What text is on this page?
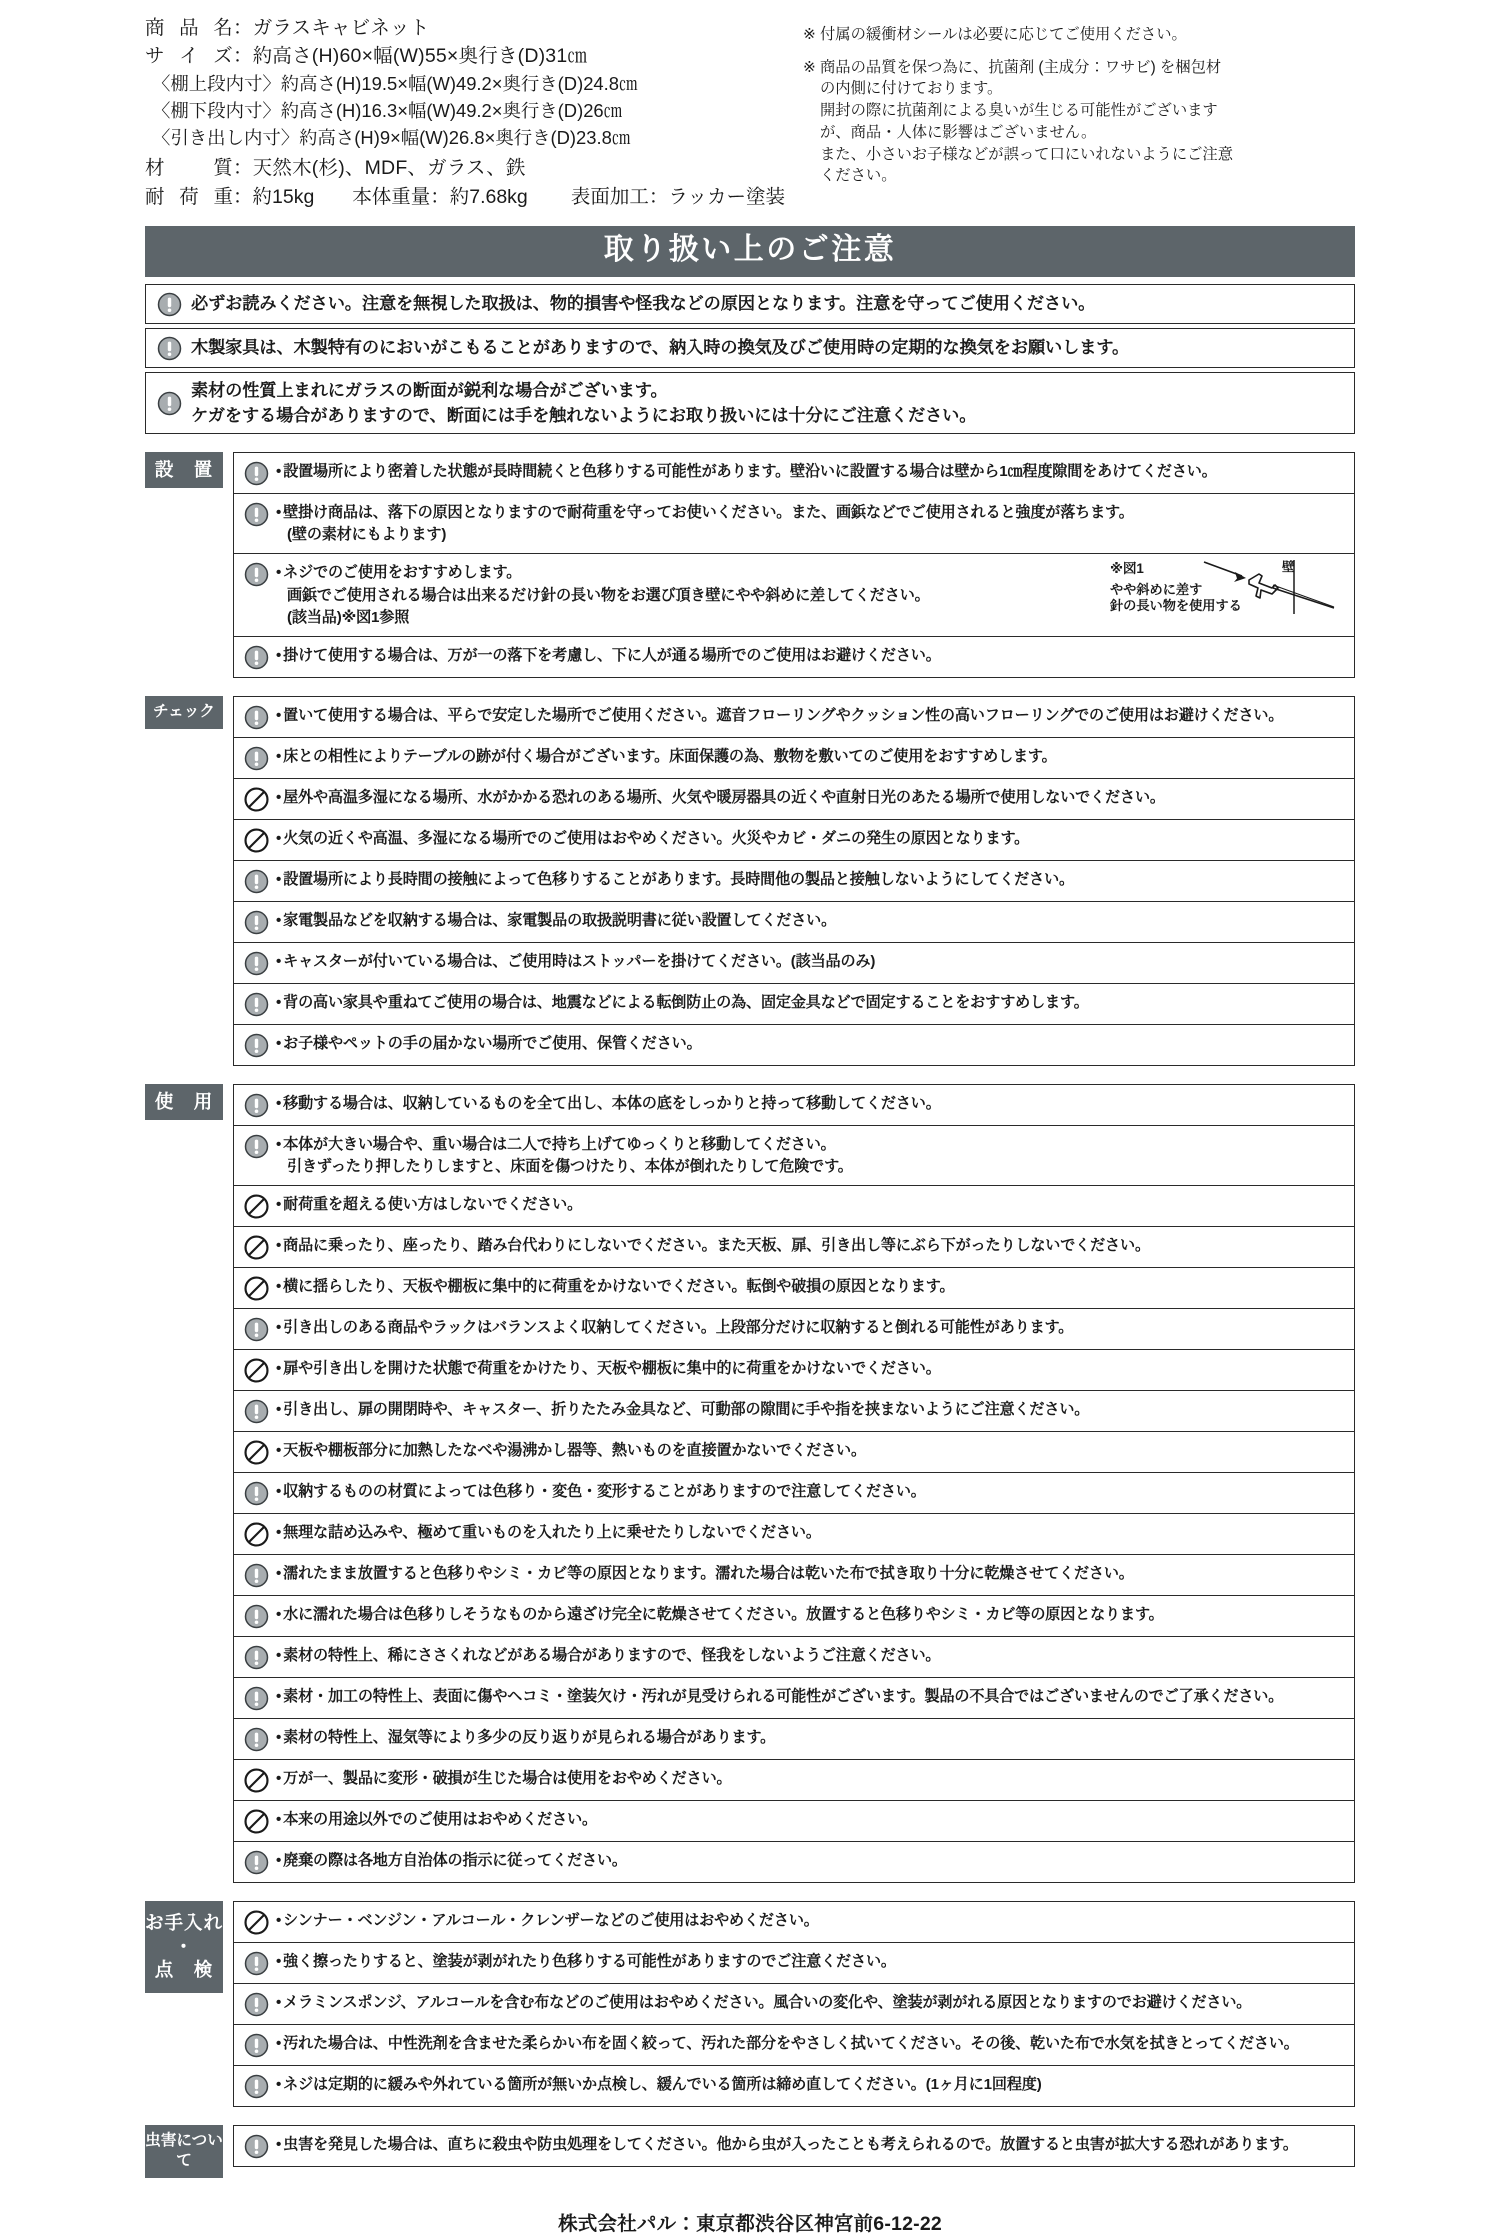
商 品 名 ： ガラスキャビネット
サ イ ズ ： 約高さ(H)60×幅(W)55×奥行き(D)31㎝
〈棚上段内寸〉約高さ(H)19.5×幅(W)49.2×奥行き(D)24.8㎝
〈棚下段内寸〉約高さ(H)16.3×幅(W)49.2×奥行き(D)26㎝
〈引き出し内寸〉約高さ(H)9×幅(W)26.8×奥行き(D)23.8㎝
材 質 ： 天然木(杉)、MDF、ガラス、鉄
耐 荷 重 ： 約15kg 本体重量 ： 約7.68kg 表面加工 ： ラッカー塗装
※ 付属の緩衝材シールは必要に応じてご使用ください。
※ 商品の品質を保つ為に、抗菌剤 (主成分：ワサビ) を梱包材
の内側に付けております。
開封の際に抗菌剤による臭いが生じる可能性がございます
が、商品・人体に影響はございません。
また、小さいお子様などが誤って口にいれないようにご注意
ください。
取り扱い上のご注意
必ずお読みください。注意を無視した取扱は、物的損害や怪我などの原因となります。注意を守ってご使用ください。
木製家具は、木製特有のにおいがこもることがありますので、納入時の換気及びご使用時の定期的な換気をお願いします。
素材の性質上まれにガラスの断面が鋭利な場合がございます。
ケガをする場合がありますので、断面には手を触れないようにお取り扱いには十分にご注意ください。
設　置	• 設置場所により密着した状態が長時間続くと色移りする可能性があります。壁沿いに設置する場合は壁から1㎝程度隙間をあけてください。
• 壁掛け商品は、落下の原因となりますので耐荷重を守ってお使いください。また、画鋲などでご使用されると強度が落ちます。
(壁の素材にもよります)
• ネジでのご使用をおすすめします。
画鋲でご使用される場合は出来るだけ針の長い物をお選び頂き壁にやや斜めに差してください。
(該当品)※図1参照
※図1
やや斜めに差す
針の長い物を使用する
壁
• 掛けて使用する場合は、万が一の落下を考慮し、下に人が通る場所でのご使用はお避けください。
チェック	• 置いて使用する場合は、平らで安定した場所でご使用ください。遮音フローリングやクッション性の高いフローリングでのご使用はお避けください。
• 床との相性によりテーブルの跡が付く場合がございます。床面保護の為、敷物を敷いてのご使用をおすすめします。
• 屋外や高温多湿になる場所、水がかかる恐れのある場所、火気や暖房器具の近くや直射日光のあたる場所で使用しないでください。
• 火気の近くや高温、多湿になる場所でのご使用はおやめください。火災やカビ・ダニの発生の原因となります。
• 設置場所により長時間の接触によって色移りすることがあります。長時間他の製品と接触しないようにしてください。
• 家電製品などを収納する場合は、家電製品の取扱説明書に従い設置してください。
• キャスターが付いている場合は、ご使用時はストッパーを掛けてください。(該当品のみ)
• 背の高い家具や重ねてご使用の場合は、地震などによる転倒防止の為、固定金具などで固定することをおすすめします。
• お子様やペットの手の届かない場所でご使用、保管ください。
使　用	• 移動する場合は、収納しているものを全て出し、本体の底をしっかりと持って移動してください。
• 本体が大きい場合や、重い場合は二人で持ち上げてゆっくりと移動してください。
引きずったり押したりしますと、床面を傷つけたり、本体が倒れたりして危険です。
• 耐荷重を超える使い方はしないでください。
• 商品に乗ったり、座ったり、踏み台代わりにしないでください。また天板、扉、引き出し等にぶら下がったりしないでください。
• 横に揺らしたり、天板や棚板に集中的に荷重をかけないでください。転倒や破損の原因となります。
• 引き出しのある商品やラックはバランスよく収納してください。上段部分だけに収納すると倒れる可能性があります。
• 扉や引き出しを開けた状態で荷重をかけたり、天板や棚板に集中的に荷重をかけないでください。
• 引き出し、扉の開閉時や、キャスター、折りたたみ金具など、可動部の隙間に手や指を挟まないようにご注意ください。
• 天板や棚板部分に加熱したなべや湯沸かし器等、熱いものを直接置かないでください。
• 収納するものの材質によっては色移り・変色・変形することがありますので注意してください。
• 無理な詰め込みや、極めて重いものを入れたり上に乗せたりしないでください。
• 濡れたまま放置すると色移りやシミ・カビ等の原因となります。濡れた場合は乾いた布で拭き取り十分に乾燥させてください。
• 水に濡れた場合は色移りしそうなものから遠ざけ完全に乾燥させてください。放置すると色移りやシミ・カビ等の原因となります。
• 素材の特性上、稀にささくれなどがある場合がありますので、怪我をしないようご注意ください。
• 素材・加工の特性上、表面に傷やヘコミ・塗装欠け・汚れが見受けられる可能性がございます。製品の不具合ではございませんのでご了承ください。
• 素材の特性上、湿気等により多少の反り返りが見られる場合があります。
• 万が一、製品に変形・破損が生じた場合は使用をおやめください。
• 本来の用途以外でのご使用はおやめください。
• 廃棄の際は各地方自治体の指示に従ってください。
お手入れ
・
点　検
• シンナー・ベンジン・アルコール・クレンザーなどのご使用はおやめください。
• 強く擦ったりすると、塗装が剥がれたり色移りする可能性がありますのでご注意ください。
• メラミンスポンジ、アルコールを含む布などのご使用はおやめください。風合いの変化や、塗装が剥がれる原因となりますのでお避けください。
• 汚れた場合は、中性洗剤を含ませた柔らかい布を固く絞って、汚れた部分をやさしく拭いてください。その後、乾いた布で水気を拭きとってください。
• ネジは定期的に緩みや外れている箇所が無いか点検し、緩んでいる箇所は締め直してください。(1ヶ月に1回程度)
虫害について
• 虫害を発見した場合は、直ちに殺虫や防虫処理をしてください。他から虫が入ったことも考えられるので。放置すると虫害が拡大する恐れがあります。
株式会社パル：東京都渋谷区神宮前6-12-22
